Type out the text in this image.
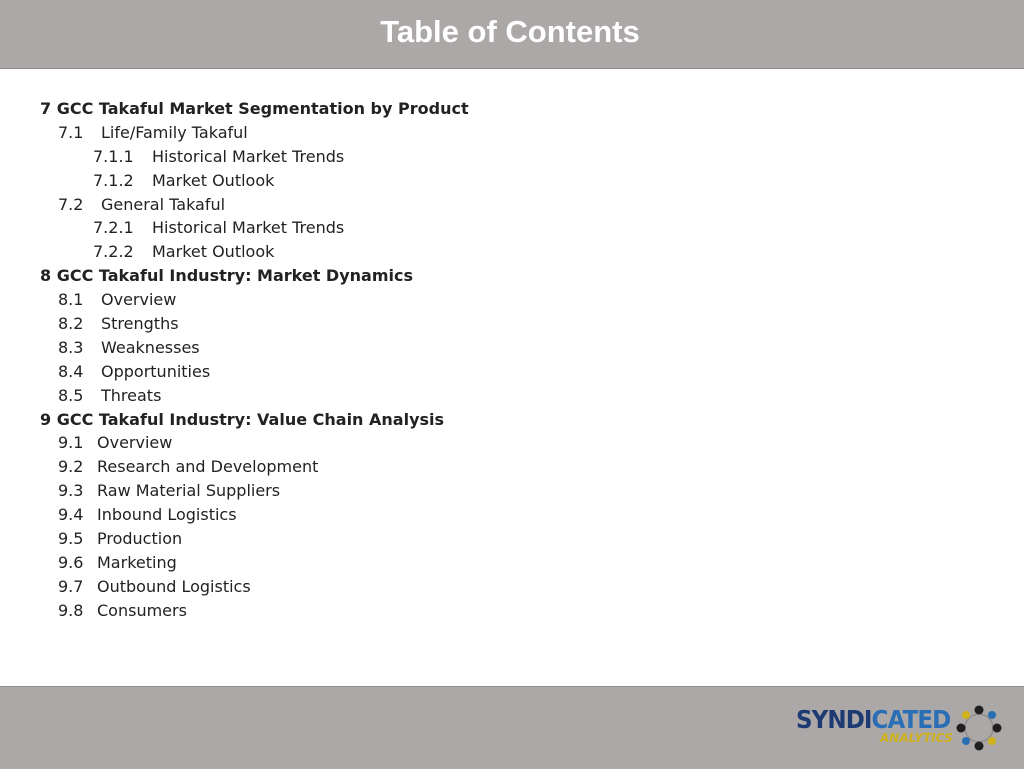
Table of Contents
7 GCC Takaful Market Segmentation by Product
7.1 Life/Family Takaful
7.1.1 Historical Market Trends
7.1.2 Market Outlook
7.2 General Takaful
7.2.1 Historical Market Trends
7.2.2 Market Outlook
8 GCC Takaful Industry: Market Dynamics
8.1 Overview
8.2 Strengths
8.3 Weaknesses
8.4 Opportunities
8.5 Threats
9 GCC Takaful Industry: Value Chain Analysis
9.1 Overview
9.2 Research and Development
9.3 Raw Material Suppliers
9.4 Inbound Logistics
9.5 Production
9.6 Marketing
9.7 Outbound Logistics
9.8 Consumers
SYNDICATED
ANALYTICS
